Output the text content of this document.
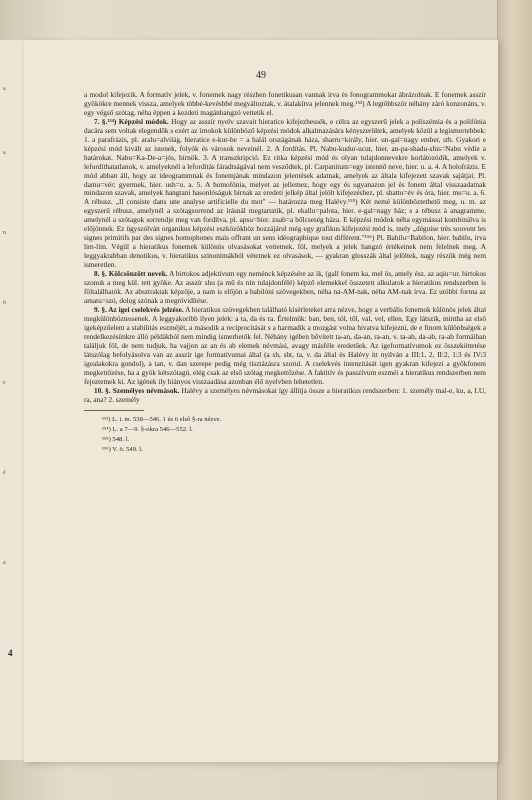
a
a
n
ö
e
é
a
4
49

a modol kifejezik. A formatív jelek, v. fonemek nagy részben fonetikusan vannak írva és fonogrammokat ábrázolnak. E fonemek asszír gyökökre mennek vissza, amelyek többé-kevésbbé megváltoztak, v. átalakítva jelennek meg.¹⁵³) A legtöbbször néhány záró konzonáns, v. egy végső szótag, néha éppen a kezdeti magánhangzó vettetik el.

7. §.¹⁵⁴) Képzési módok. Hogy az asszír nyelv szavait hieratice kifejezhessék, e célra az egyszerű jelek a poliszémia és a polifónia dacára sem voltak elegendők s ezért az írnokok különböző képzési módok alkalmazására kényszerültek, amelyek közül a legismertebbek: 1. a parafrázis, pl. aralu=alvilág, hieratice e-kur-be = a halál országának háza, sharru=király, hier. un-gal=nagy ember, stb. Gyakori e képzési mód kivált az istenek, folyók és városok neveinél. 2. A fordítás. Pl. Nabu-kudur-ucur, hier. an-pa-shadu-shis=Nabu védie a határokat. Nabu=Ka-De-a=jós, hírnök. 3. A transzkripció. Ez ritka képzési mód és olyan tulajdonnevekre korlátozódik, amelyek v. lefordíthatatlanok, v. amelyeknél a lefordítás fáradtságával nem vesződtek, pl. Carpanitum=egy istennő neve, hier. u. a. 4. A holofrázis. E mód abban áll, hogy az ideogrammnak és fonemjának mindazon jelentések adatnak, amelyek az általa kifejezett szavak sajátjai. Pl. damu=vér; gyermek, hier. ush=u. a. 5. A homofónia, melyet az jellemez, hogy egy és ugyanazon jel és fonem által visszaadatnak mindazon szavak, amelyek hangtani hasonlóságuk bírnak az eredeti jelkép által jelölt kifejezéshez, pl. shattu=év és óra, hier. mu=u. a. 6. A rébusz. „Il consiste dans une analyse artificielle du mot" — határozza meg Halévy.¹⁵⁵) Két nemé különböztethető meg, u. m. az egyszerű rébusz, amelynél a szótagsorrend az írásnál megtartatik, pl. ekallu=palota, hier. e-gal=nagy ház; s a rébusz à anagramme, amelynél a szótagok sorrendje meg van fordítva, pl. apsu=hier. zuab=a bőlcseség háza. E képzési módok néha egymással kombinálva is előjönnek. Ez ügyszólván organikus képzési eszközökhöz hozzájárul még egy grafikus kifejezési mód is, mely „déguise très souvent les signes primitifs par des signes homophones mais offrant un sens idéographique tout différent."¹⁵⁶) Pl. Babilu=Babilon, hier. babilu, írva lim-lim. Végül a hieratikus fonemek különös olvasásokat vettetnek, föl, melyek a jelek hangzó értékeinek nem felelnek meg. A leggyakrabban denotikus, v. hieratikus szinonimákból vétetnek ez olvasások, — gyakran glosszák által jelöltek, nagy részük még nem ismeretlen.

8. §. Kölcsönzött nevek. A birtokos adjektívum egy neménck képzésére az ik, (gall fonem ka, mel ös, amely ész. az aqiu=ur. birtokos szonuk a meg kül. tett gyöke. Az asszír shu (a mű és nin tulajdonfélé) képző elemekkel összetett alkulatok a hieratikus rendszerben is föltalálhatók. Az absztraktak képzője, a nam is előjön a babilóni szövegekben, néha na-AM-nak, néha AM-nak írva. Ez utóbbi forma az amatu=szó, dolog szónak a megrövidítése.

9. §. Az igei cselekvés jelzése. A hieratikus szövegekben található kísérleteket arra nézve, hogy a verbális fonemok különös jelek által megkülönböztessenek. A leggyakoribb ilyen jelek: a ta, da és ra. Értelmük: ban, ben, tól, től, val, vel, ellen. Egy látszik, mintha az első igeképzőelem a stabilitás eszméjét, a második a reciprocitását s a harmadik a mozgást volna hivatva kifejezni, de e finom különbségek a rendelkezésünkre álló példákból nem mindig ismerhetők fel. Néhány igében bővített ta-an, da-an, ra-an, v. ta-ab, da-ab, ra-ab formáihan találjuk föl, de nem tudjuk, ha vajjon az an és ab elemek névmási, avagy másféle eredetűek. Az igeformatívumok ez összeköttetése látszólag befolyásolva van az asszír ige formatívumai által (a sh, sht, ta, v. da által és Halévy itt nyilván a III:1, 2, II:2, 1:3 és IV:3 igealakokra gondol), a tan, v. dan szerepe pedig még tisztázásra szorul. A cselekvés intenzitását igen gyakran kifejezi a gyökfonem megkettőzése, ha a gyök kétszótagú, elég csak az első szótag megkettőzése. A faktitív és passzívum eszméi a hieratikus rendszerben nem fejeztetnek ki. Az igének ily hiányos visszaadása azonban élő nyelvben lehetetlen.

10. §. Személyes névmások. Halévy a személyes névmásokat így állítja össze a hieratikus rendszerben: 1. személy mal-e, ku, a, LU, ra, ana? 2. személy

¹⁵³) L. i. m. 538—546. 1 és 6 első §-ra nézve.

¹⁵⁴) L. a 7—9. §-okra 546—552. l.

¹⁵⁵) 548. l.

¹⁵⁶) V. ö. 549. l.
